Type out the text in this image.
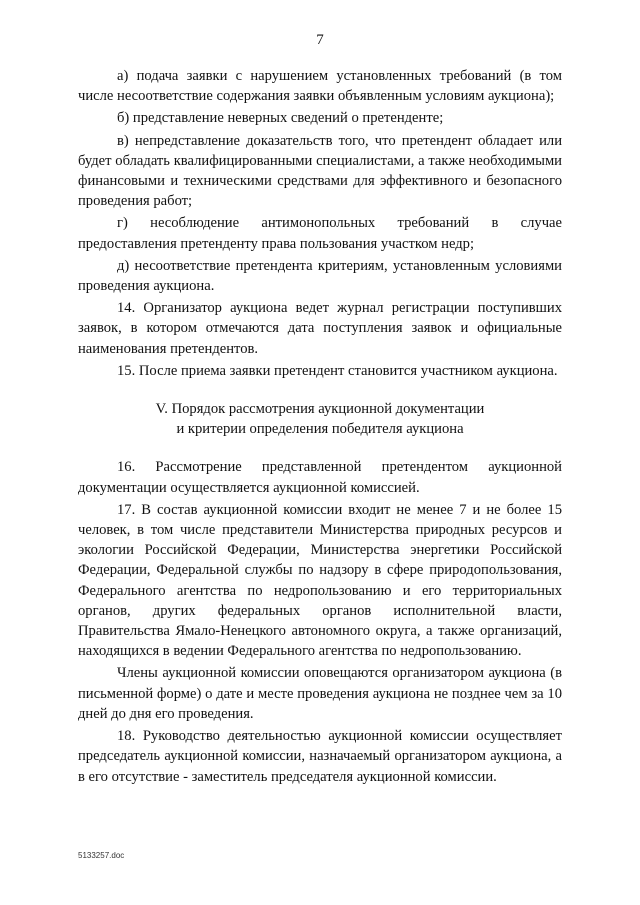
7

а) подача заявки с нарушением установленных требований (в том числе несоответствие содержания заявки объявленным условиям аукциона);

б) представление неверных сведений о претенденте;

в) непредставление доказательств того, что претендент обладает или будет обладать квалифицированными специалистами, а также необходимыми финансовыми и техническими средствами для эффективного и безопасного проведения работ;

г) несоблюдение антимонопольных требований в случае предоставления претенденту права пользования участком недр;

д) несоответствие претендента критериям, установленным условиями проведения аукциона.

14. Организатор аукциона ведет журнал регистрации поступивших заявок, в котором отмечаются дата поступления заявок и официальные наименования претендентов.

15. После приема заявки претендент становится участником аукциона.

V. Порядок рассмотрения аукционной документации
и критерии определения победителя аукциона

16. Рассмотрение представленной претендентом аукционной документации осуществляется аукционной комиссией.

17. В состав аукционной комиссии входит не менее 7 и не более 15 человек, в том числе представители Министерства природных ресурсов и экологии Российской Федерации, Министерства энергетики Российской Федерации, Федеральной службы по надзору в сфере природопользования, Федерального агентства по недропользованию и его территориальных органов, других федеральных органов исполнительной власти, Правительства Ямало-Ненецкого автономного округа, а также организаций, находящихся в ведении Федерального агентства по недропользованию.

Члены аукционной комиссии оповещаются организатором аукциона (в письменной форме) о дате и месте проведения аукциона не позднее чем за 10 дней до дня его проведения.

18. Руководство деятельностью аукционной комиссии осуществляет председатель аукционной комиссии, назначаемый организатором аукциона, а в его отсутствие - заместитель председателя аукционной комиссии.

5133257.doc
